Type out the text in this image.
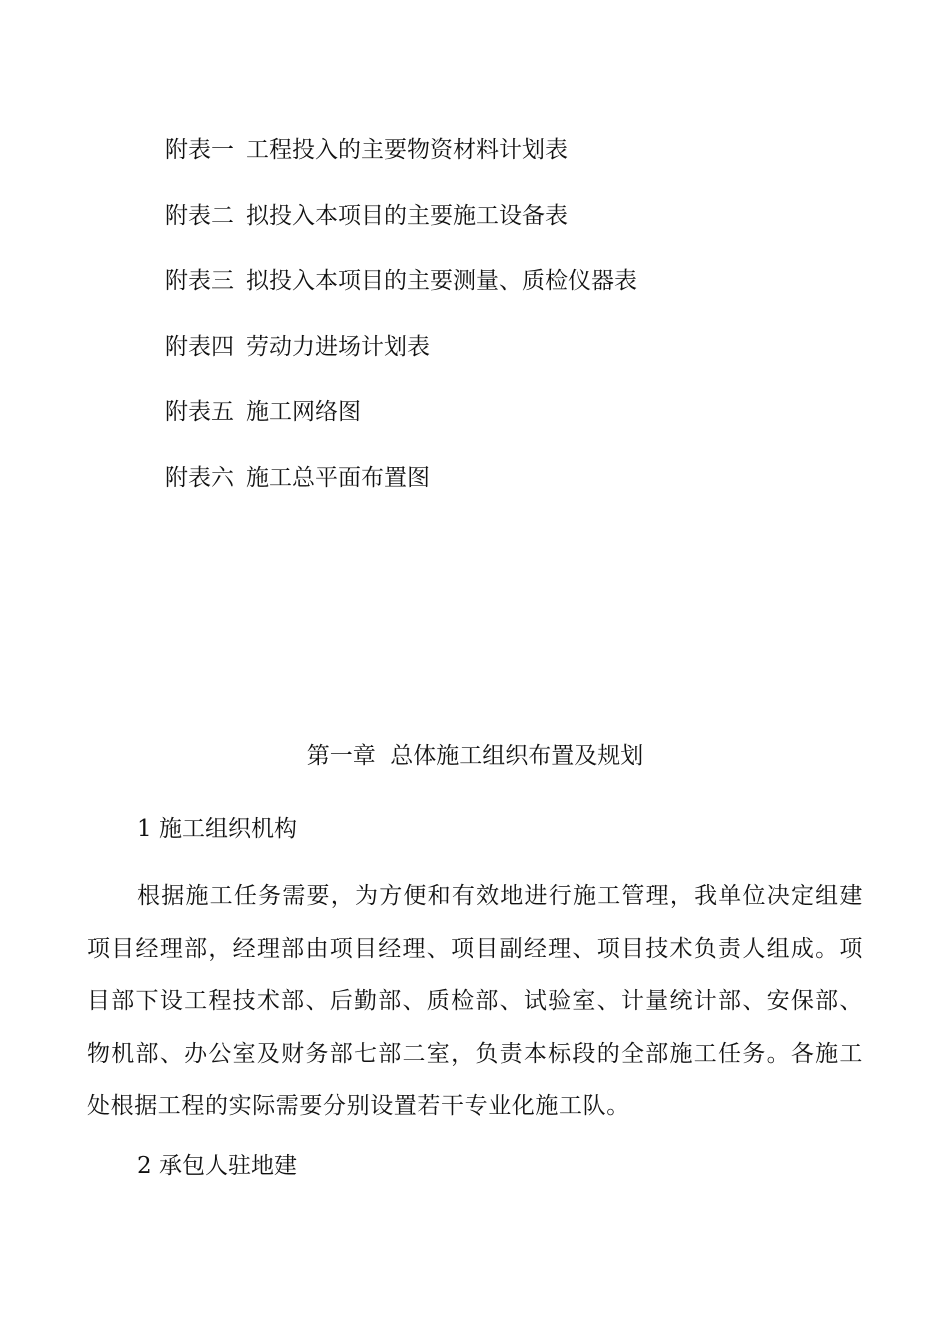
附表一 工程投入的主要物资材料计划表
附表二 拟投入本项目的主要施工设备表
附表三 拟投入本项目的主要测量、质检仪器表
附表四 劳动力进场计划表
附表五 施工网络图
附表六 施工总平面布置图
第一章  总体施工组织布置及规划
1 施工组织机构
根据施工任务需要，为方便和有效地进行施工管理，我单位决定组建项目经理部，经理部由项目经理、项目副经理、项目技术负责人组成。项目部下设工程技术部、后勤部、质检部、试验室、计量统计部、安保部、物机部、办公室及财务部七部二室，负责本标段的全部施工任务。各施工处根据工程的实际需要分别设置若干专业化施工队。
2 承包人驻地建
